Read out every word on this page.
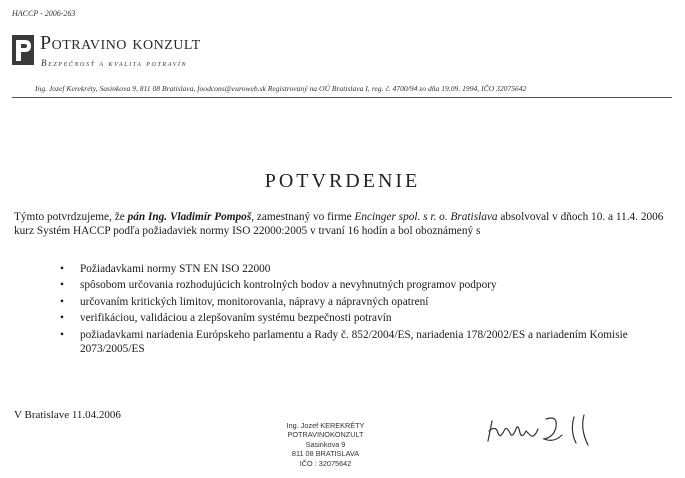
HACCP - 2006-263
Potravino konzult
Bezpečnosť a kvalita potravín
Ing. Jozef Kerekréty, Sasinkova 9, 811 08 Bratislava, foodcons@euroweb.sk Registrovaný na OÚ Bratislava I, reg. č. 4700/94 zo dňa 19.09. 1994, IČO 32075642
POTVRDENIE
Týmto potvrdzujeme, že pán Ing. Vladimír Pompoš, zamestnaný vo firme Encinger spol. s r. o. Bratislava absolvoval v dňoch 10. a 11.4. 2006 kurz Systém HACCP podľa požiadaviek normy ISO 22000:2005 v trvaní 16 hodín a bol oboznámený s
• Požiadavkami normy STN EN ISO 22000
• spôsobom určovania rozhodujúcich kontrolných bodov a nevyhnutných programov podpory
• určovaním kritických limitov, monitorovania, nápravy a nápravných opatrení
• verifikáciou, validáciou a zlepšovaním systému bezpečnosti potravín
• požiadavkami nariadenia Európskeho parlamentu a Rady č. 852/2004/ES, nariadenia 178/2002/ES a nariadením Komisie 2073/2005/ES
V Bratislave 11.04.2006
Ing. Jozef KEREKRÉTY
POTRAVINOKONZULT
Sasinkova 9
811 08 BRATISLAVA
IČO : 32075642
